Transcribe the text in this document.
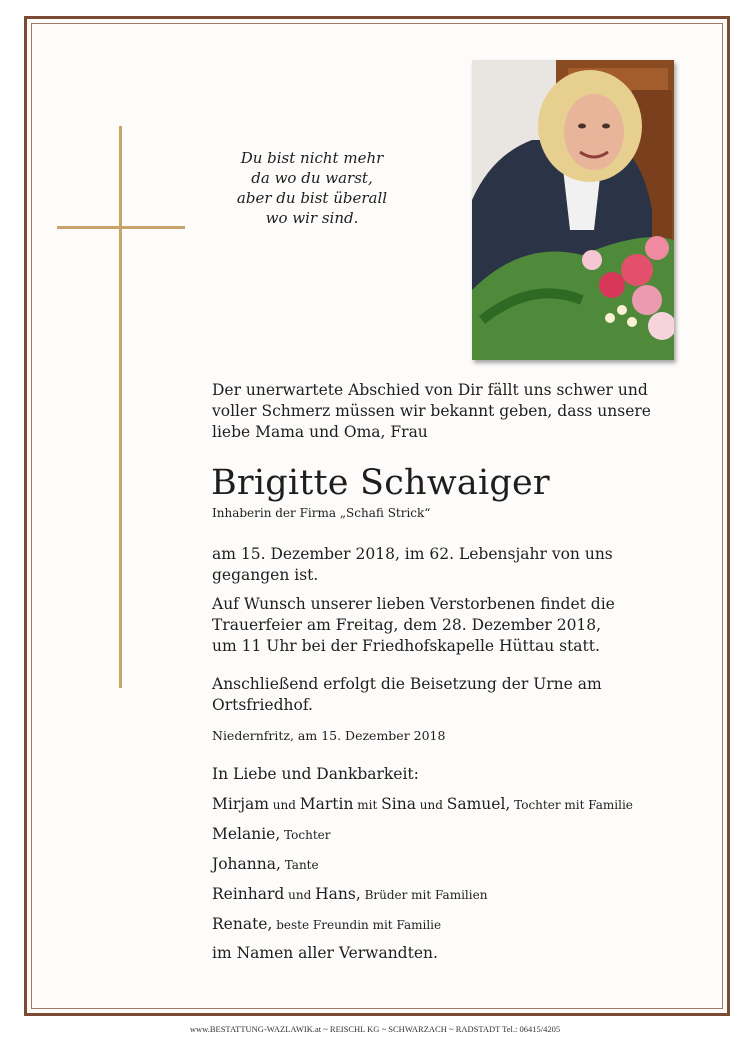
Du bist nicht mehr
da wo du warst,
aber du bist überall
wo wir sind.
Der unerwartete Abschied von Dir fällt uns schwer und
voller Schmerz müssen wir bekannt geben, dass unsere
liebe Mama und Oma, Frau
Brigitte Schwaiger
Inhaberin der Firma „Schafi Strick“
am 15. Dezember 2018, im 62. Lebensjahr von uns
gegangen ist.
Auf Wunsch unserer lieben Verstorbenen findet die
Trauerfeier am Freitag, dem 28. Dezember 2018,
um 11 Uhr bei der Friedhofskapelle Hüttau statt.
Anschließend erfolgt die Beisetzung der Urne am
Ortsfriedhof.
Niedernfritz, am 15. Dezember 2018
In Liebe und Dankbarkeit:
Mirjam und Martin mit Sina und Samuel, Tochter mit Familie
Melanie, Tochter
Johanna, Tante
Reinhard und Hans, Brüder mit Familien
Renate, beste Freundin mit Familie
im Namen aller Verwandten.
www.BESTATTUNG-WAZLAWIK.at ~ REISCHL KG ~ SCHWARZACH ~ RADSTADT Tel.: 06415/4205
